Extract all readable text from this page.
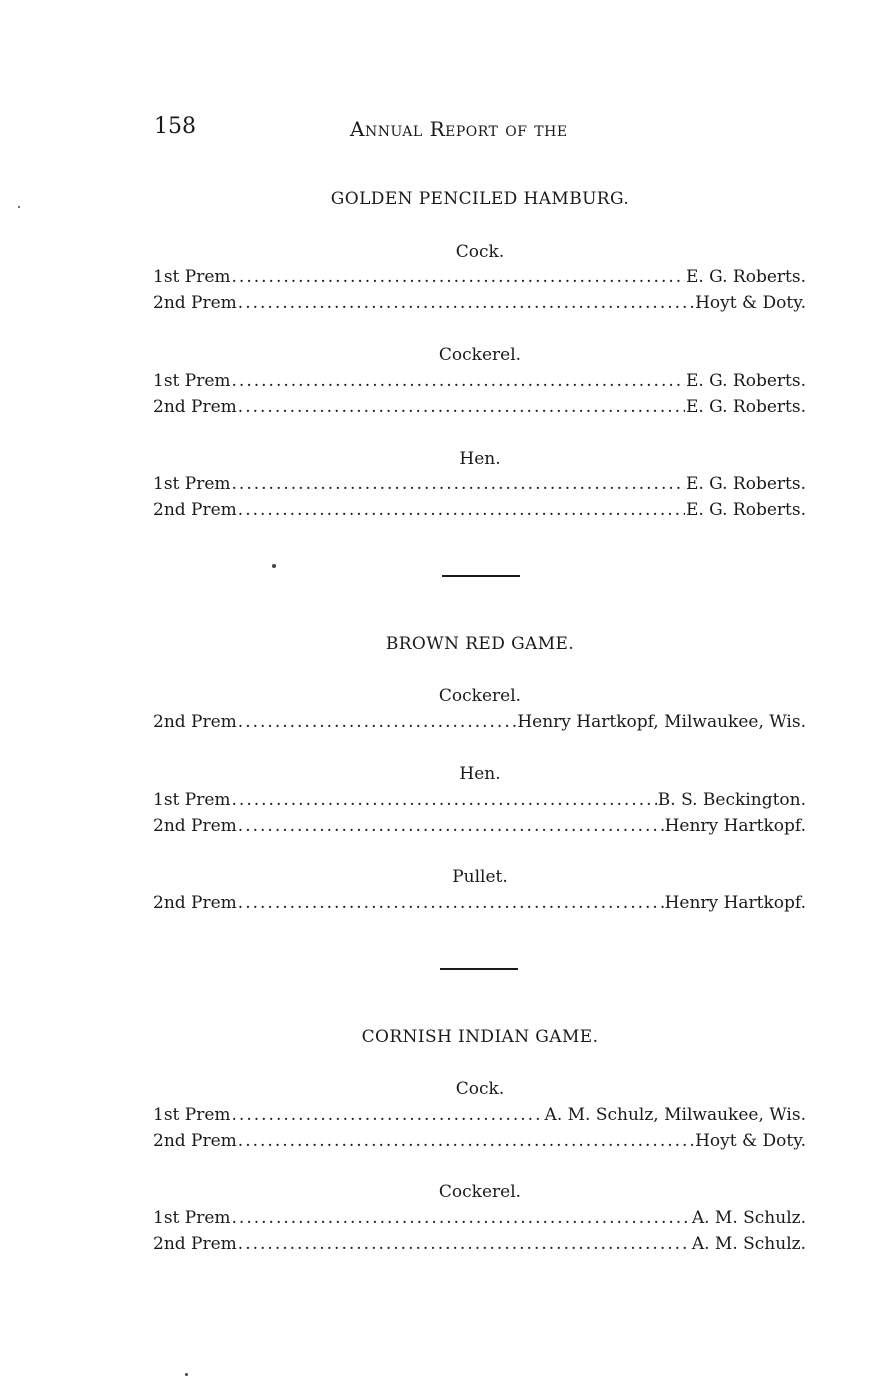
158	Annual Report of the
GOLDEN PENCILED HAMBURG.
Cock.
1st Prem .....	E. G. Roberts.
2nd Prem .....	Hoyt & Doty.
Cockerel.
1st Prem .....	E. G. Roberts.
2nd Prem .....	E. G. Roberts.
Hen.
1st Prem .....	E. G. Roberts.
2nd Prem .....	E. G. Roberts.
BROWN RED GAME.
Cockerel.
2nd Prem .....	Henry Hartkopf, Milwaukee, Wis.
Hen.
1st Prem .....	B. S. Beckington.
2nd Prem .....	Henry Hartkopf.
Pullet.
2nd Prem .....	Henry Hartkopf.
CORNISH INDIAN GAME.
Cock.
1st Prem .....	A. M. Schulz, Milwaukee, Wis.
2nd Prem .....	Hoyt & Doty.
Cockerel.
1st Prem .....	A. M. Schulz.
2nd Prem .....	A. M. Schulz.
